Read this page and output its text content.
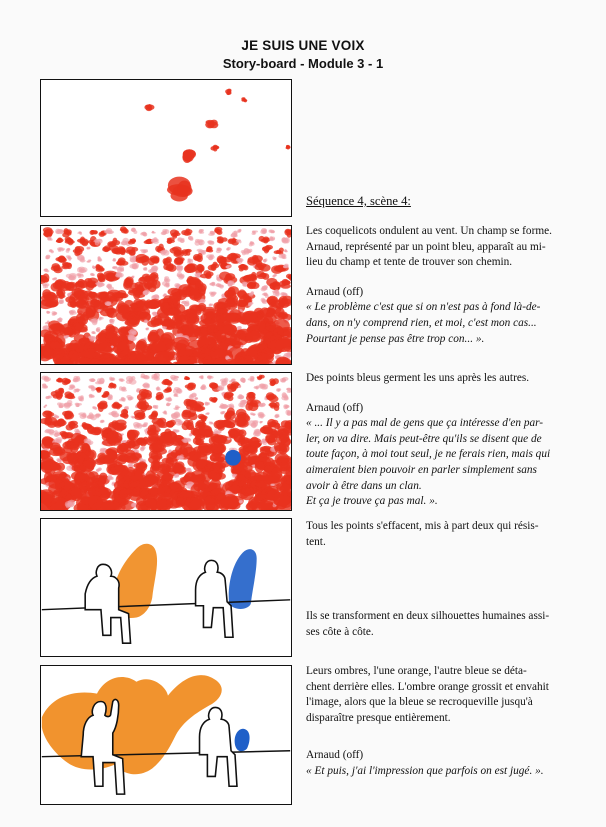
JE SUIS UNE VOIX
Story-board - Module 3 - 1
Séquence 4, scène 4:

Les coquelicots ondulent au vent. Un champ se forme.

Arnaud, représenté par un point bleu, apparaît au mi-

lieu du champ et tente de trouver son chemin.

Arnaud (off)

« Le problème c'est que si on n'est pas à fond là-de-

dans, on n'y comprend rien, et moi, c'est mon cas...

Pourtant je pense pas être trop con... ».

Des points bleus germent les uns après les autres.

Arnaud (off)

« ... Il y a pas mal de gens que ça intéresse d'en par-

ler, on va dire. Mais peut-être qu'ils se disent que de

toute façon, à moi tout seul, je ne ferais rien, mais qui

aimeraient bien pouvoir en parler simplement sans

avoir à être dans un clan.

Et ça je trouve ça pas mal. ».

Tous les points s'effacent, mis à part deux qui résis-

tent.

Ils se transforment en deux silhouettes humaines assi-

ses côte à côte.

Leurs ombres, l'une orange, l'autre bleue se déta-

chent derrière elles. L'ombre orange grossit et envahit

l'image, alors que la bleue se recroqueville jusqu'à

disparaître presque entièrement.

Arnaud (off)

« Et puis, j'ai l'impression que parfois on est jugé. ».
